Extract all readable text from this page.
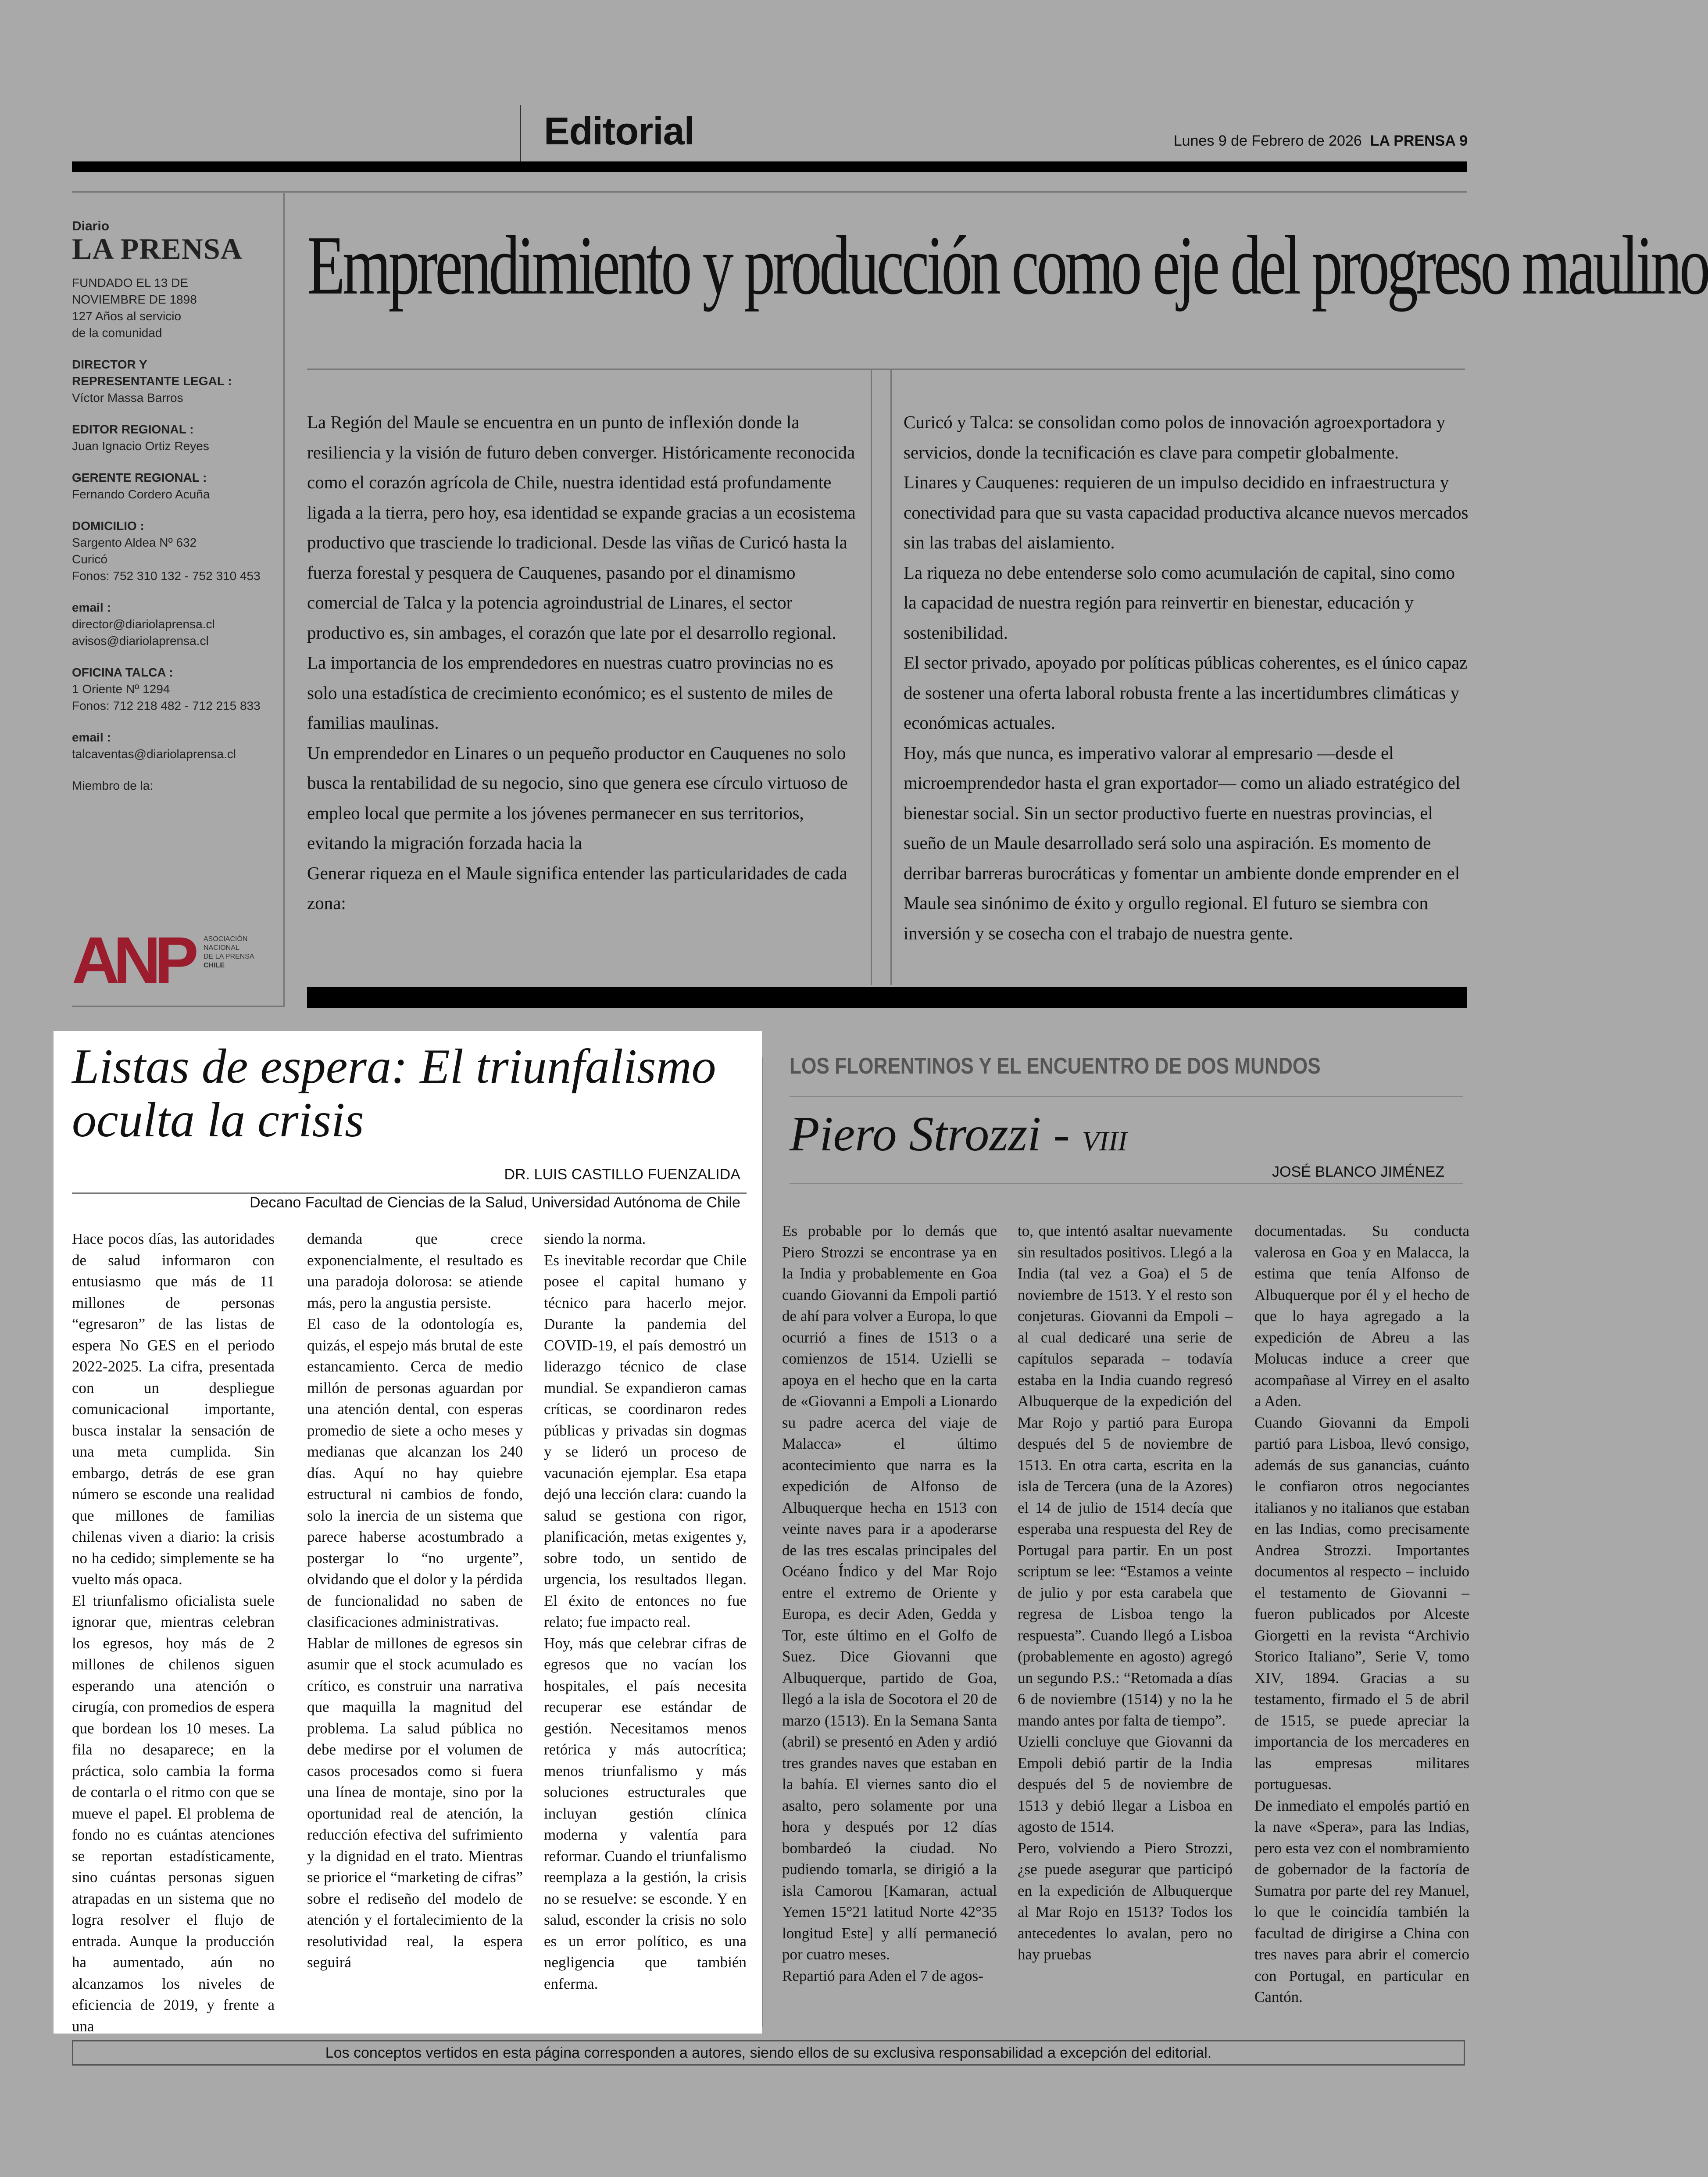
Editorial	Lunes 9 de Febrero de 2026 LA PRENSA 9
Diario
LA PRENSA
FUNDADO EL 13 DE
NOVIEMBRE DE 1898
127 Años al servicio
de la comunidad
DIRECTOR Y
REPRESENTANTE LEGAL :
Víctor Massa Barros
EDITOR REGIONAL :
Juan Ignacio Ortiz Reyes
GERENTE REGIONAL :
Fernando Cordero Acuña
DOMICILIO :
Sargento Aldea Nº 632
Curicó
Fonos: 752 310 132 - 752 310 453
email :
director@diariolaprensa.cl
avisos@diariolaprensa.cl
OFICINA TALCA :
1 Oriente Nº 1294
Fonos: 712 218 482 - 712 215 833
email :
talcaventas@diariolaprensa.cl
Miembro de la:
ANP	ASOCIACIÓN
NACIONAL
DE LA PRENSA
CHILE
Emprendimiento y producción como eje del progreso maulino
La Región del Maule se encuentra en un punto de inflexión donde la resiliencia y la visión de futuro deben converger. Históricamente reconocida como el corazón agrícola de Chile, nuestra identidad está profundamente ligada a la tierra, pero hoy, esa identidad se expande gracias a un ecosistema productivo que trasciende lo tradicional. Desde las viñas de Curicó hasta la fuerza forestal y pesquera de Cauquenes, pasando por el dinamismo comercial de Talca y la potencia agroindustrial de Linares, el sector productivo es, sin ambages, el corazón que late por el desarrollo regional.
La importancia de los emprendedores en nuestras cuatro provincias no es solo una estadística de crecimiento económico; es el sustento de miles de familias maulinas.
Un emprendedor en Linares o un pequeño productor en Cauquenes no solo busca la rentabilidad de su negocio, sino que genera ese círculo virtuoso de empleo local que permite a los jóvenes permanecer en sus territorios, evitando la migración forzada hacia la
Generar riqueza en el Maule significa entender las particularidades de cada zona:
Curicó y Talca: se consolidan como polos de innovación agroexportadora y servicios, donde la tecnificación es clave para competir globalmente.
Linares y Cauquenes: requieren de un impulso decidido en infraestructura y conectividad para que su vasta capacidad productiva alcance nuevos mercados sin las trabas del aislamiento.
La riqueza no debe entenderse solo como acumulación de capital, sino como la capacidad de nuestra región para reinvertir en bienestar, educación y sostenibilidad.
El sector privado, apoyado por políticas públicas coherentes, es el único capaz de sostener una oferta laboral robusta frente a las incertidumbres climáticas y económicas actuales.
Hoy, más que nunca, es imperativo valorar al empresario —desde el microemprendedor hasta el gran exportador— como un aliado estratégico del bienestar social. Sin un sector productivo fuerte en nuestras provincias, el sueño de un Maule desarrollado será solo una aspiración. Es momento de derribar barreras burocráticas y fomentar un ambiente donde emprender en el Maule sea sinónimo de éxito y orgullo regional. El futuro se siembra con inversión y se cosecha con el trabajo de nuestra gente.
Listas de espera: El triunfalismo oculta la crisis
DR. LUIS CASTILLO FUENZALIDA
Decano Facultad de Ciencias de la Salud, Universidad Autónoma de Chile
Hace pocos días, las autoridades de salud informaron con entusiasmo que más de 11 millones de personas “egresaron” de las listas de espera No GES en el periodo 2022-2025. La cifra, presentada con un despliegue comunicacional importante, busca instalar la sensación de una meta cumplida. Sin embargo, detrás de ese gran número se esconde una realidad que millones de familias chilenas viven a diario: la crisis no ha cedido; simplemente se ha vuelto más opaca.
El triunfalismo oficialista suele ignorar que, mientras celebran los egresos, hoy más de 2 millones de chilenos siguen esperando una atención o cirugía, con promedios de espera que bordean los 10 meses. La fila no desaparece; en la práctica, solo cambia la forma de contarla o el ritmo con que se mueve el papel. El problema de fondo no es cuántas atenciones se reportan estadísticamente, sino cuántas personas siguen atrapadas en un sistema que no logra resolver el flujo de entrada. Aunque la producción ha aumentado, aún no alcanzamos los niveles de eficiencia de 2019, y frente a una
demanda que crece exponencialmente, el resultado es una paradoja dolorosa: se atiende más, pero la angustia persiste.
El caso de la odontología es, quizás, el espejo más brutal de este estancamiento. Cerca de medio millón de personas aguardan por una atención dental, con esperas promedio de siete a ocho meses y medianas que alcanzan los 240 días. Aquí no hay quiebre estructural ni cambios de fondo, solo la inercia de un sistema que parece haberse acostumbrado a postergar lo “no urgente”, olvidando que el dolor y la pérdida de funcionalidad no saben de clasificaciones administrativas.
Hablar de millones de egresos sin asumir que el stock acumulado es crítico, es construir una narrativa que maquilla la magnitud del problema. La salud pública no debe medirse por el volumen de casos procesados como si fuera una línea de montaje, sino por la oportunidad real de atención, la reducción efectiva del sufrimiento y la dignidad en el trato. Mientras se priorice el “marketing de cifras” sobre el rediseño del modelo de atención y el fortalecimiento de la resolutividad real, la espera seguirá
siendo la norma.
Es inevitable recordar que Chile posee el capital humano y técnico para hacerlo mejor. Durante la pandemia del COVID-19, el país demostró un liderazgo técnico de clase mundial. Se expandieron camas críticas, se coordinaron redes públicas y privadas sin dogmas y se lideró un proceso de vacunación ejemplar. Esa etapa dejó una lección clara: cuando la salud se gestiona con rigor, planificación, metas exigentes y, sobre todo, un sentido de urgencia, los resultados llegan. El éxito de entonces no fue relato; fue impacto real.
Hoy, más que celebrar cifras de egresos que no vacían los hospitales, el país necesita recuperar ese estándar de gestión. Necesitamos menos retórica y más autocrítica; menos triunfalismo y más soluciones estructurales que incluyan gestión clínica moderna y valentía para reformar. Cuando el triunfalismo reemplaza a la gestión, la crisis no se resuelve: se esconde. Y en salud, esconder la crisis no solo es un error político, es una negligencia que también enferma.
LOS FLORENTINOS Y EL ENCUENTRO DE DOS MUNDOS
Piero Strozzi - VIII
JOSÉ BLANCO JIMÉNEZ
Es probable por lo demás que Piero Strozzi se encontrase ya en la India y probablemente en Goa cuando Giovanni da Empoli partió de ahí para volver a Europa, lo que ocurrió a fines de 1513 o a comienzos de 1514. Uzielli se apoya en el hecho que en la carta de «Giovanni a Empoli a Lionardo su padre acerca del viaje de Malacca» el último acontecimiento que narra es la expedición de Alfonso de Albuquerque hecha en 1513 con veinte naves para ir a apoderarse de las tres escalas principales del Océano Índico y del Mar Rojo entre el extremo de Oriente y Europa, es decir Aden, Gedda y Tor, este último en el Golfo de Suez. Dice Giovanni que Albuquerque, partido de Goa, llegó a la isla de Socotora el 20 de marzo (1513). En la Semana Santa (abril) se presentó en Aden y ardió tres grandes naves que estaban en la bahía. El viernes santo dio el asalto, pero solamente por una hora y después por 12 días bombardeó la ciudad. No pudiendo tomarla, se dirigió a la isla Camorou [Kamaran, actual Yemen 15°21 latitud Norte 42°35 longitud Este] y allí permaneció por cuatro meses.
Repartió para Aden el 7 de agos-
to, que intentó asaltar nuevamente sin resultados positivos. Llegó a la India (tal vez a Goa) el 5 de noviembre de 1513. Y el resto son conjeturas. Giovanni da Empoli – al cual dedicaré una serie de capítulos separada – todavía estaba en la India cuando regresó Albuquerque de la expedición del Mar Rojo y partió para Europa después del 5 de noviembre de 1513. En otra carta, escrita en la isla de Tercera (una de la Azores) el 14 de julio de 1514 decía que esperaba una respuesta del Rey de Portugal para partir. En un post scriptum se lee: “Estamos a veinte de julio y por esta carabela que regresa de Lisboa tengo la respuesta”. Cuando llegó a Lisboa (probablemente en agosto) agregó un segundo P.S.: “Retomada a días 6 de noviembre (1514) y no la he mando antes por falta de tiempo”.
Uzielli concluye que Giovanni da Empoli debió partir de la India después del 5 de noviembre de 1513 y debió llegar a Lisboa en agosto de 1514.
Pero, volviendo a Piero Strozzi, ¿se puede asegurar que participó en la expedición de Albuquerque al Mar Rojo en 1513? Todos los antecedentes lo avalan, pero no hay pruebas
documentadas. Su conducta valerosa en Goa y en Malacca, la estima que tenía Alfonso de Albuquerque por él y el hecho de que lo haya agregado a la expedición de Abreu a las Molucas induce a creer que acompañase al Virrey en el asalto a Aden.
Cuando Giovanni da Empoli partió para Lisboa, llevó consigo, además de sus ganancias, cuánto le confiaron otros negociantes italianos y no italianos que estaban en las Indias, como precisamente Andrea Strozzi. Importantes documentos al respecto – incluido el testamento de Giovanni – fueron publicados por Alceste Giorgetti en la revista “Archivio Storico Italiano”, Serie V, tomo XIV, 1894. Gracias a su testamento, firmado el 5 de abril de 1515, se puede apreciar la importancia de los mercaderes en las empresas militares portuguesas.
De inmediato el empolés partió en la nave «Spera», para las Indias, pero esta vez con el nombramiento de gobernador de la factoría de Sumatra por parte del rey Manuel, lo que le coincidía también la facultad de dirigirse a China con tres naves para abrir el comercio con Portugal, en particular en Cantón.
Los conceptos vertidos en esta página corresponden a autores, siendo ellos de su exclusiva responsabilidad a excepción del editorial.
